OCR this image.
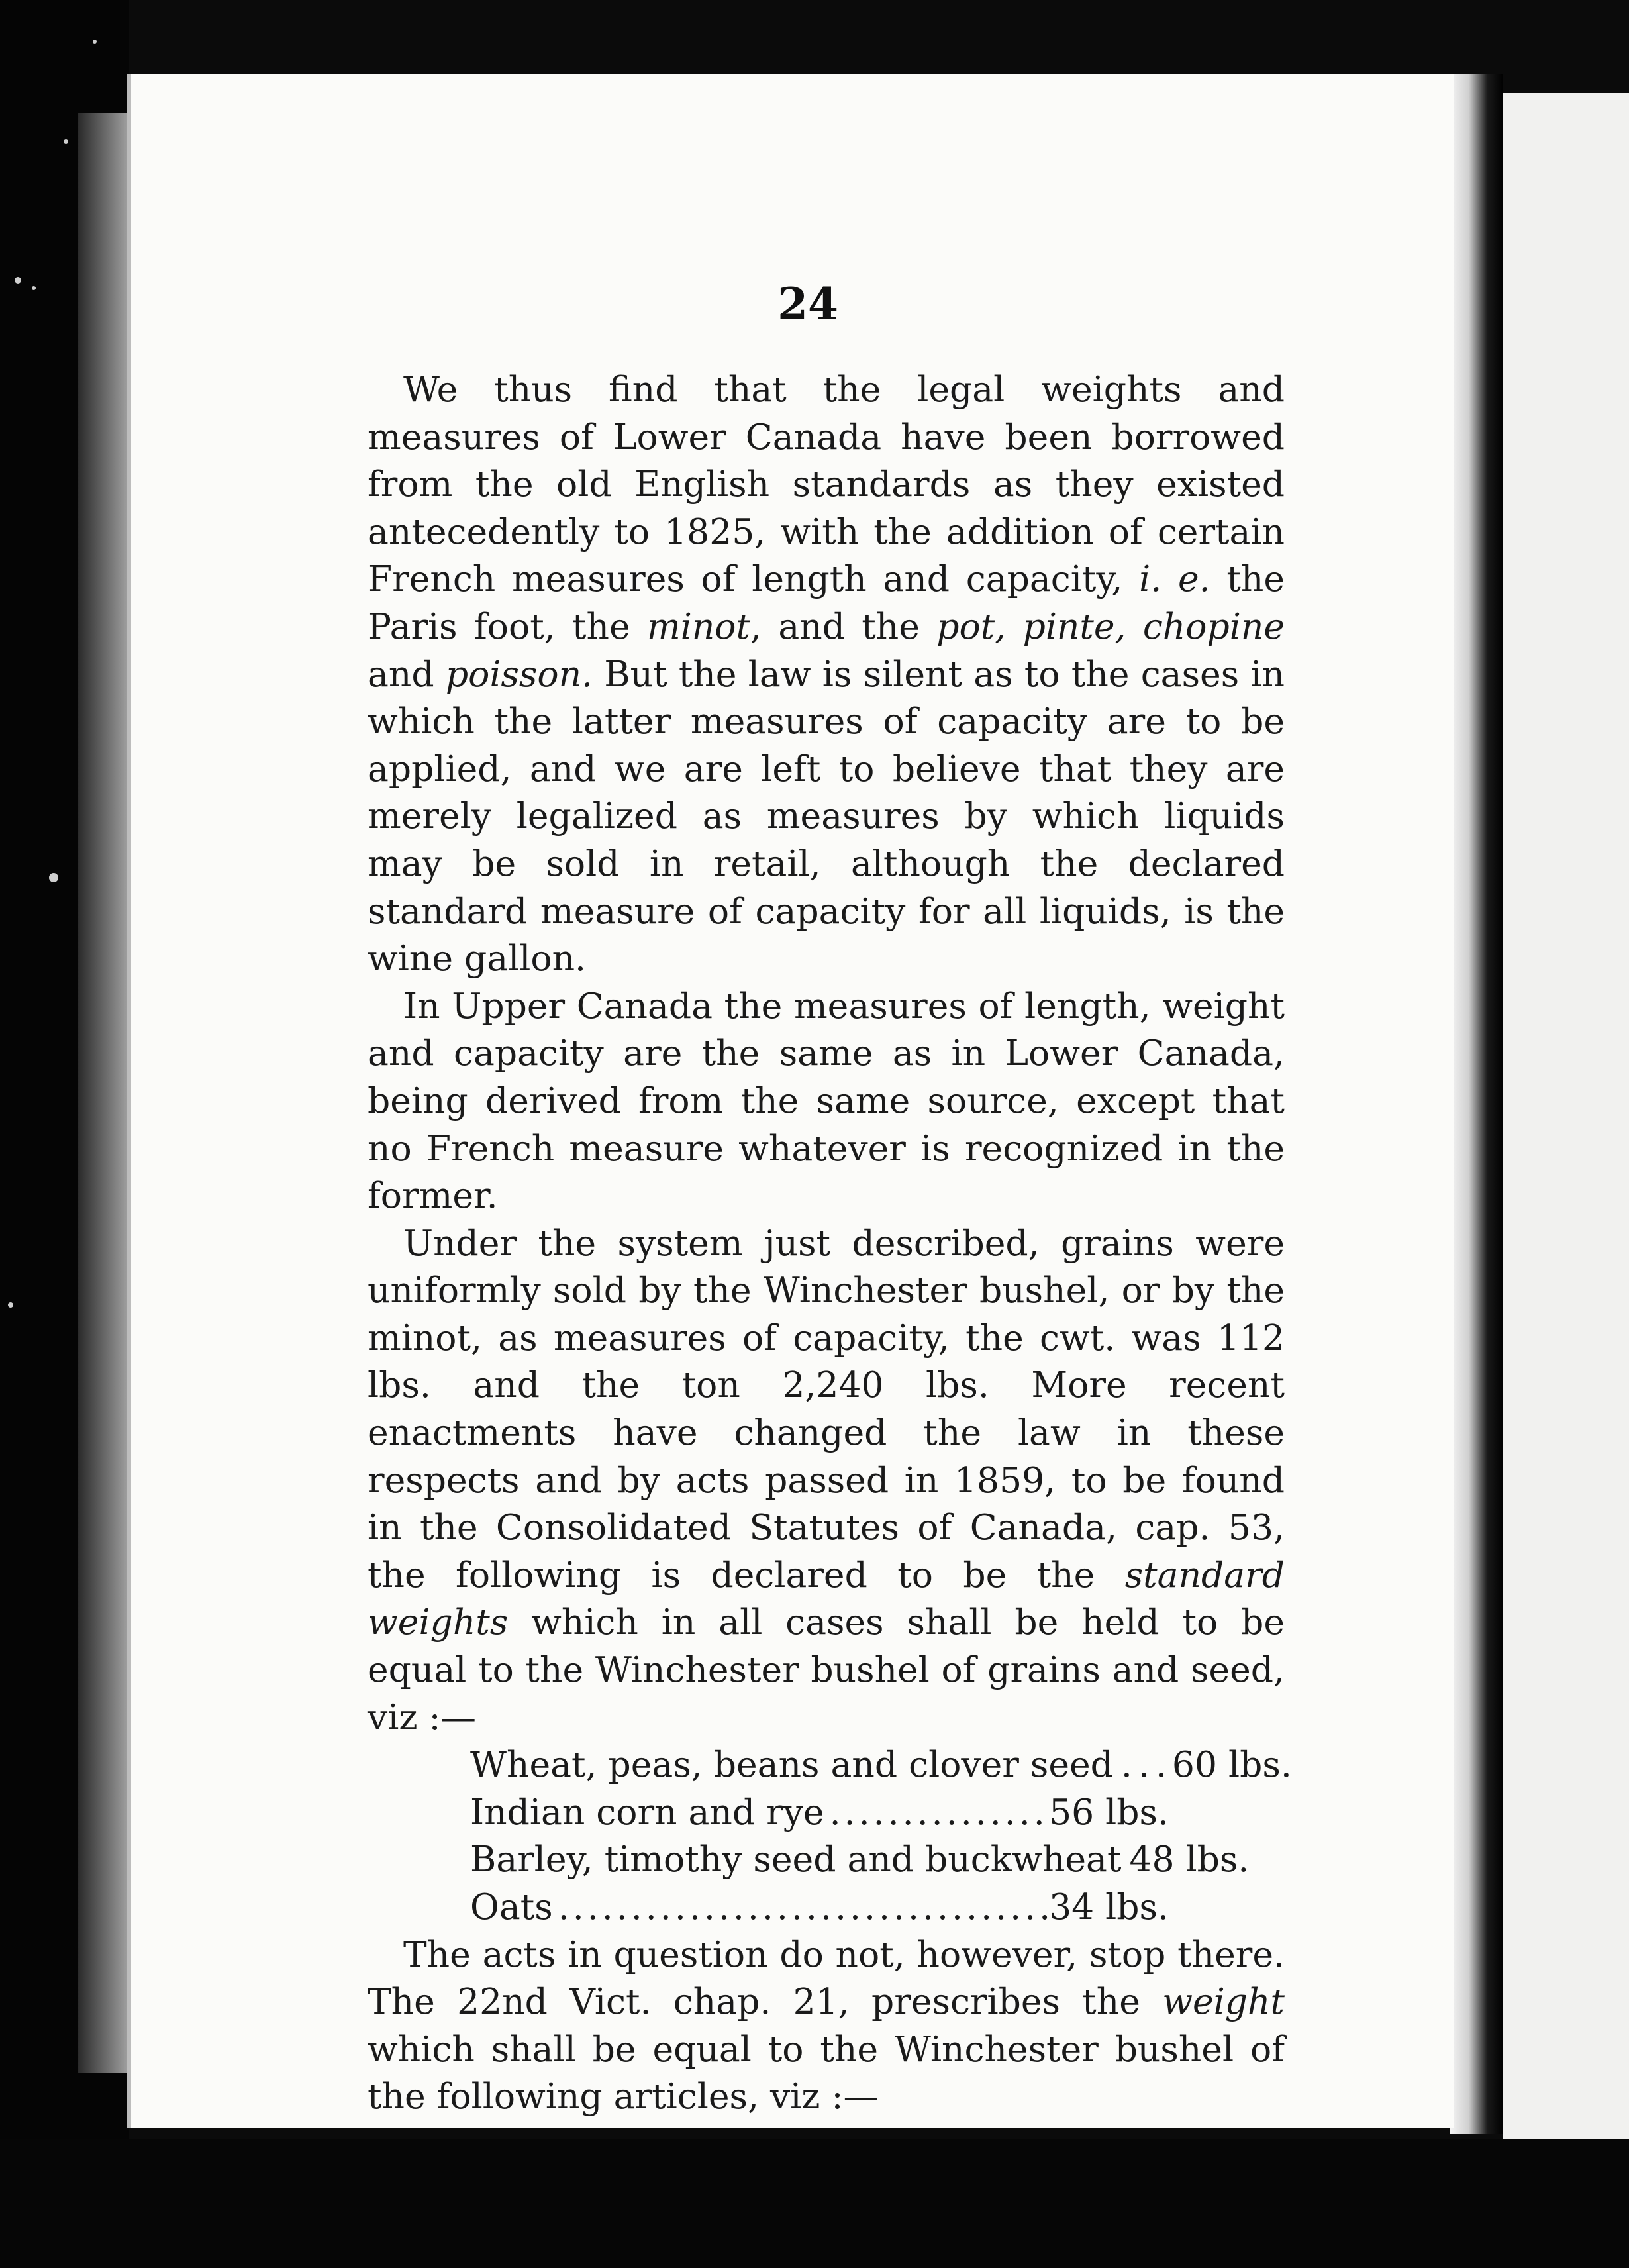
24

We thus find that the legal weights and measures of Lower Canada have been borrowed from the old English standards as they existed antecedently to 1825, with the addition of certain French measures of length and capacity, i. e. the Paris foot, the minot, and the pot, pinte, chopine and poisson. But the law is silent as to the cases in which the latter measures of capacity are to be applied, and we are left to believe that they are merely legalized as measures by which liquids may be sold in retail, although the declared standard measure of capacity for all liquids, is the wine gallon.

In Upper Canada the measures of length, weight and capacity are the same as in Lower Canada, being derived from the same source, except that no French measure whatever is recognized in the former.

Under the system just described, grains were uniformly sold by the Winchester bushel, or by the minot, as measures of capacity, the cwt. was 112 lbs. and the ton 2,240 lbs. More recent enactments have changed the law in these respects and by acts passed in 1859, to be found in the Consolidated Statutes of Canada, cap. 53, the following is declared to be the standard weights which in all cases shall be held to be equal to the Winchester bushel of grains and seed, viz :—

Wheat, peas, beans and clover seed . . . 60 lbs.
Indian corn and rye . . .	56 lbs.
Barley, timothy seed and buckwheat 48 lbs.
Oats . . .	34 lbs.

The acts in question do not, however, stop there. The 22nd Vict. chap. 21, prescribes the weight which shall be equal to the Winchester bushel of the following articles, viz :—

. . .
